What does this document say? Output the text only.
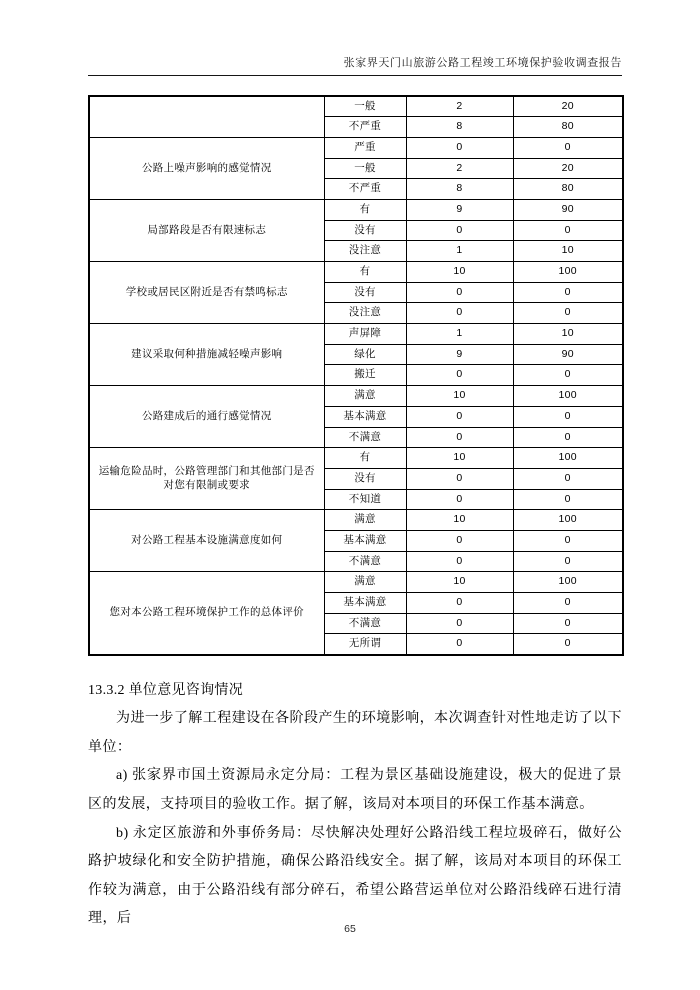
张家界天门山旅游公路工程竣工环境保护验收调查报告
	一般	2	20
	不严重	8	80
公路上噪声影响的感觉情况	严重	0	0
	一般	2	20
	不严重	8	80
局部路段是否有限速标志	有	9	90
	没有	0	0
	没注意	1	10
学校或居民区附近是否有禁鸣标志	有	10	100
	没有	0	0
	没注意	0	0
建议采取何种措施减轻噪声影响	声屏障	1	10
	绿化	9	90
	搬迁	0	0
公路建成后的通行感觉情况	满意	10	100
	基本满意	0	0
	不满意	0	0
运输危险品时，公路管理部门和其他部门是否对您有限制或要求	有	10	100
	没有	0	0
	不知道	0	0
对公路工程基本设施满意度如何	满意	10	100
	基本满意	0	0
	不满意	0	0
您对本公路工程环境保护工作的总体评价	满意	10	100
	基本满意	0	0
	不满意	0	0
	无所谓	0	0
13.3.2 单位意见咨询情况

为进一步了解工程建设在各阶段产生的环境影响，本次调查针对性地走访了以下单位：

a) 张家界市国土资源局永定分局：工程为景区基础设施建设，极大的促进了景区的发展，支持项目的验收工作。据了解，该局对本项目的环保工作基本满意。

b) 永定区旅游和外事侨务局：尽快解决处理好公路沿线工程垃圾碎石，做好公路护坡绿化和安全防护措施，确保公路沿线安全。据了解，该局对本项目的环保工作较为满意，由于公路沿线有部分碎石，希望公路营运单位对公路沿线碎石进行清理，后

65
